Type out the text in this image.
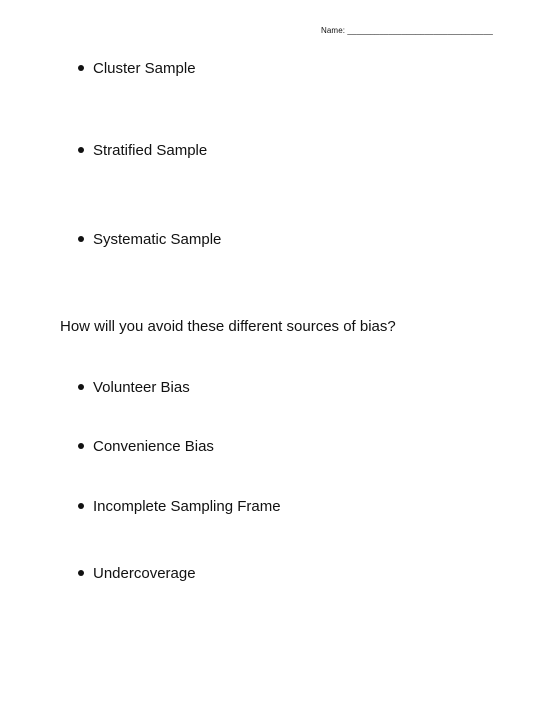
Name: ________________________________
Cluster Sample
Stratified Sample
Systematic Sample
How will you avoid these different sources of bias?
Volunteer Bias
Convenience Bias
Incomplete Sampling Frame
Undercoverage
